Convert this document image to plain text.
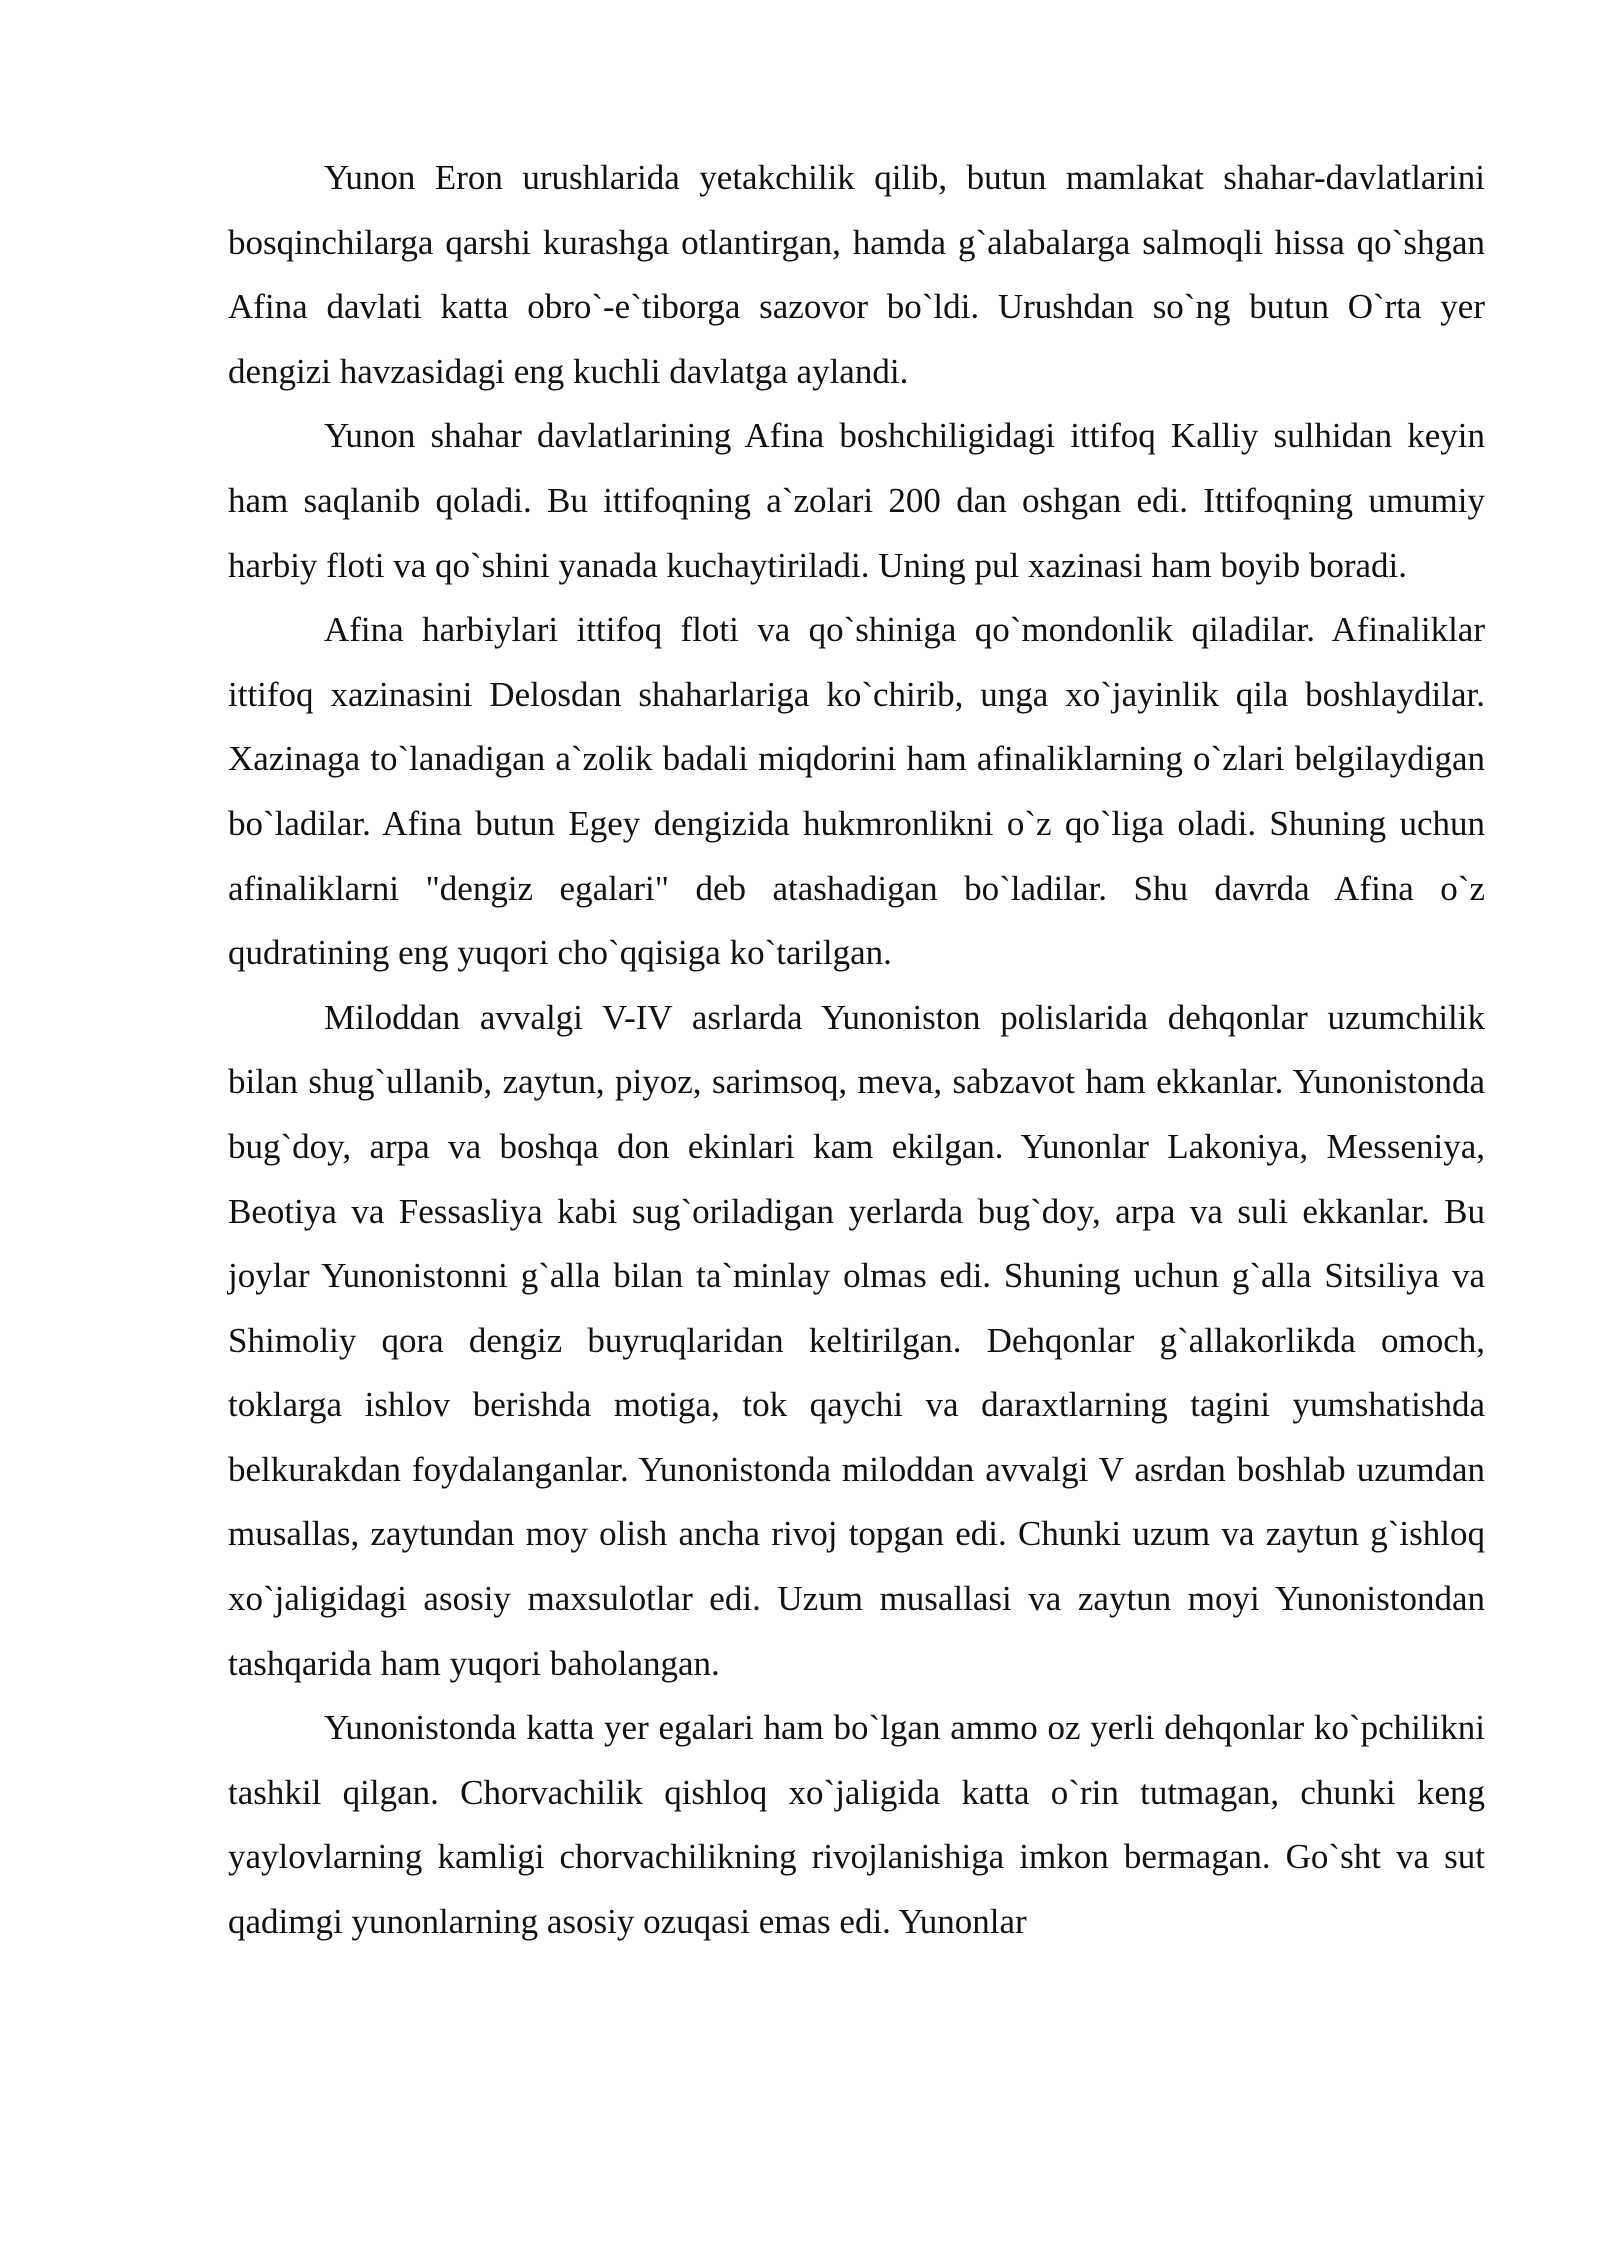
Yunon Eron urushlarida yetakchilik qilib, butun mamlakat shahar-davlatlarini bosqinchilarga qarshi kurashga otlantirgan, hamda g`alabalarga salmoqli hissa qo`shgan Afina davlati katta obro`-e`tiborga sazovor bo`ldi. Urushdan so`ng butun O`rta yer dengizi havzasidagi eng kuchli davlatga aylandi.

Yunon shahar davlatlarining Afina boshchiligidagi ittifoq Kalliy sulhidan keyin ham saqlanib qoladi. Bu ittifoqning a`zolari 200 dan oshgan edi. Ittifoqning umumiy harbiy floti va qo`shini yanada kuchaytiriladi. Uning pul xazinasi ham boyib boradi.

Afina harbiylari ittifoq floti va qo`shiniga qo`mondonlik qiladilar. Afinaliklar ittifoq xazinasini Delosdan shaharlariga ko`chirib, unga xo`jayinlik qila boshlaydilar. Xazinaga to`lanadigan a`zolik badali miqdorini ham afinaliklarning o`zlari belgilaydigan bo`ladilar. Afina butun Egey dengizida hukmronlikni o`z qo`liga oladi. Shuning uchun afinaliklarni "dengiz egalari" deb atashadigan bo`ladilar. Shu davrda Afina o`z qudratining eng yuqori cho`qqisiga ko`tarilgan.

Miloddan avvalgi V-IV asrlarda Yunoniston polislarida dehqonlar uzumchilik bilan shug`ullanib, zaytun, piyoz, sarimsoq, meva, sabzavot ham ekkanlar. Yunonistonda bug`doy, arpa va boshqa don ekinlari kam ekilgan. Yunonlar Lakoniya, Messeniya, Beotiya va Fessasliya kabi sug`oriladigan yerlarda bug`doy, arpa va suli ekkanlar. Bu joylar Yunonistonni g`alla bilan ta`minlay olmas edi. Shuning uchun g`alla Sitsiliya va Shimoliy qora dengiz buyruqlaridan keltirilgan. Dehqonlar g`allakorlikda omoch, toklarga ishlov berishda motiga, tok qaychi va daraxtlarning tagini yumshatishda belkurakdan foydalanganlar. Yunonistonda miloddan avvalgi V asrdan boshlab uzumdan musallas, zaytundan moy olish ancha rivoj topgan edi. Chunki uzum va zaytun g`ishloq xo`jaligidagi asosiy maxsulotlar edi. Uzum musallasi va zaytun moyi Yunonistondan tashqarida ham yuqori baholangan.

Yunonistonda katta yer egalari ham bo`lgan ammo oz yerli dehqonlar ko`pchilikni tashkil qilgan. Chorvachilik qishloq xo`jaligida katta o`rin tutmagan, chunki keng yaylovlarning kamligi chorvachilikning rivojlanishiga imkon bermagan. Go`sht va sut qadimgi yunonlarning asosiy ozuqasi emas edi. Yunonlar
